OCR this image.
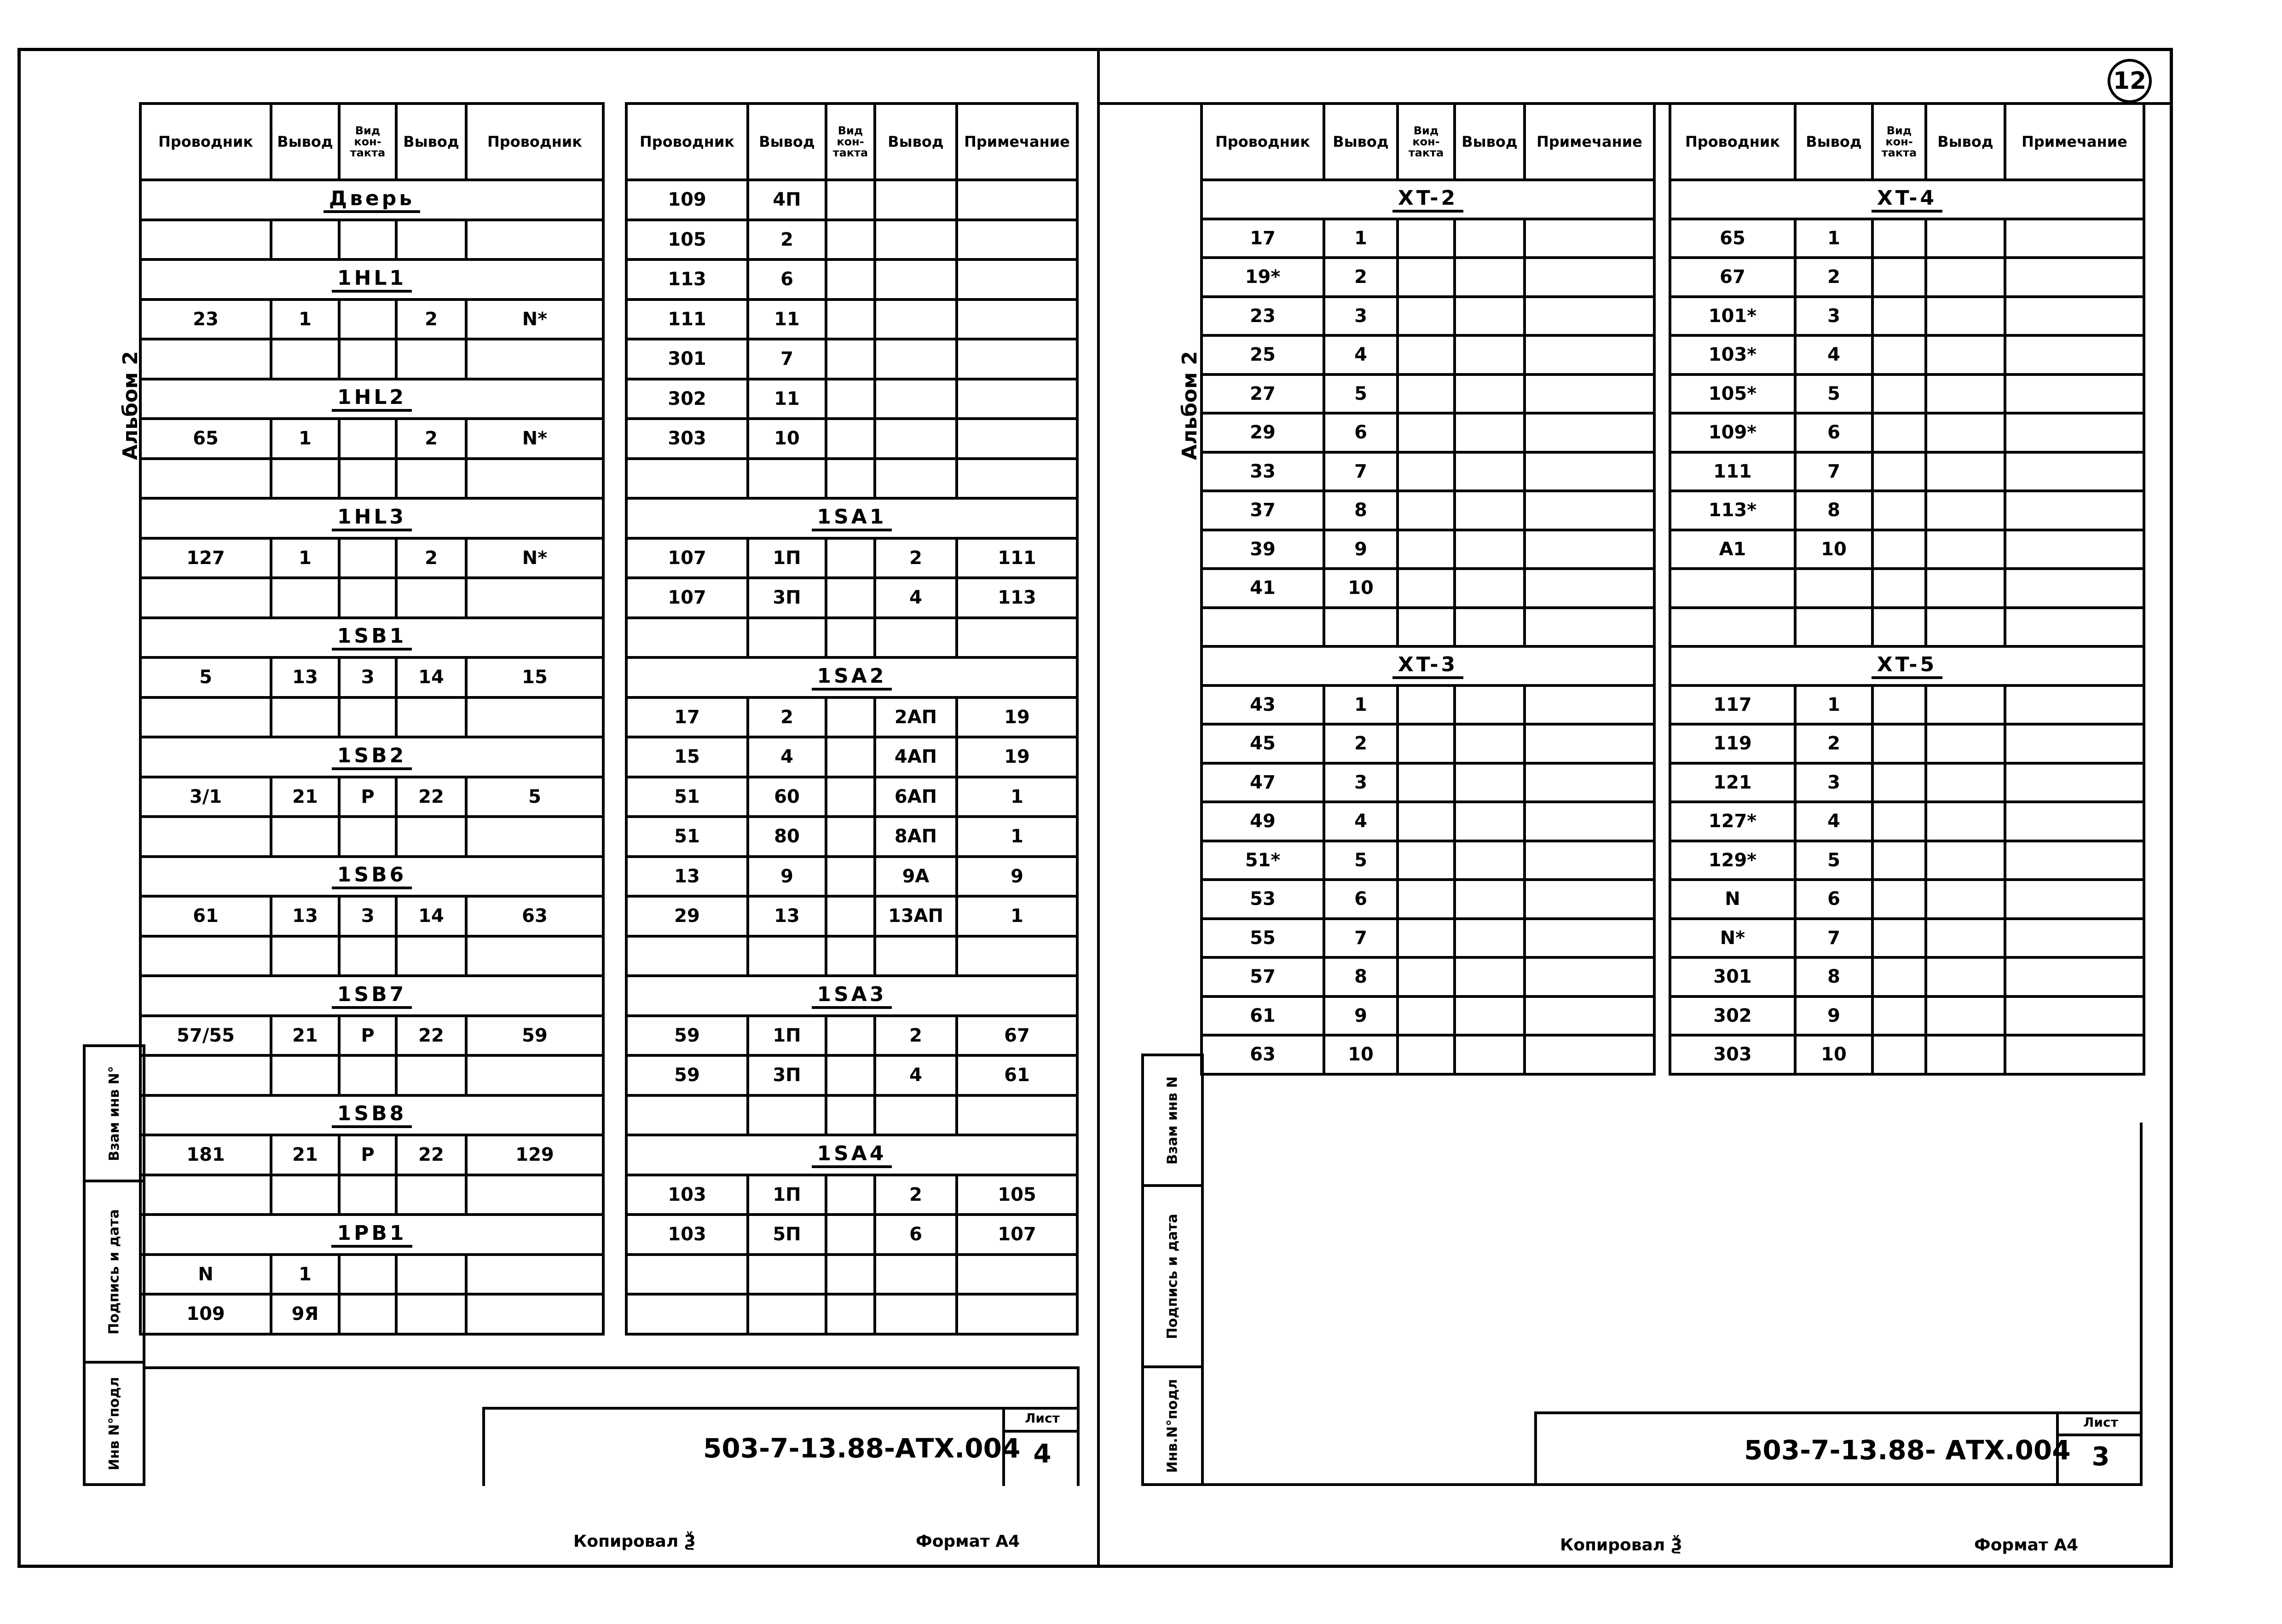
12
Альбом 2
Проводник	Вывод	Вид кон-такта	Вывод	Проводник
Дверь				

1HL1				
23	1		2	N*

1HL2				
65	1		2	N*

1HL3				
127	1		2	N*

1SB1				
5	13	З	14	15

1SB2				
3/1	21	Р	22	5

1SB6				
61	13	З	14	63

1SB7				
57/55	21	Р	22	59

1SB8				
181	21	Р	22	129

1PB1				
N	1			
109	9Я			
Проводник	Вывод	Вид кон-такта	Вывод	Примечание
109	4П			
105	2			
113	6			
111	11			
301	7			
302	11			
303	10			

1SA1				
107	1П		2	111
107	3П		4	113

1SA2				
17	2		2АП	19
15	4		4АП	19
51	60		6АП	1
51	80		8АП	1
13	9		9А	9
29	13		13АП	1

1SA3				
59	1П		2	67
59	3П		4	61

1SA4				
103	1П		2	105
103	5П		6	107

Взам инв N°
Подпись и дата
Инв N°подл	503-7-13.88-АТХ.004
Лист
4
Копировал Ѯ	Формат А4
Альбом 2
Проводник	Вывод	Вид кон-такта	Вывод	Примечание
XT-2				
17	1			
19*	2			
23	3			
25	4			
27	5			
29	6			
33	7			
37	8			
39	9			
41	10			

XT-3				
43	1			
45	2			
47	3			
49	4			
51*	5			
53	6			
55	7			
57	8			
61	9			
63	10			
Проводник	Вывод	Вид кон-такта	Вывод	Примечание
XT-4				
65	1			
67	2			
101*	3			
103*	4			
105*	5			
109*	6			
111	7			
113*	8			
А1	10			

XT-5				
117	1			
119	2			
121	3			
127*	4			
129*	5			
N	6			
N*	7			
301	8			
302	9			
303	10			
Взам инв N
Подпись и дата
Инв.N°подл	503-7-13.88- АТХ.004
Лист
3
Копировал Ѯ	Формат А4
